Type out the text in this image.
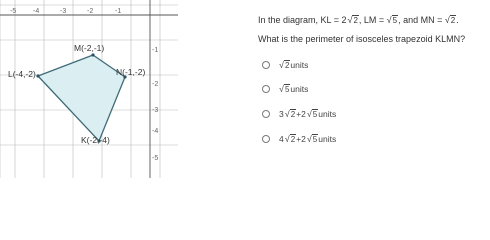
-5 -4	-3	-2	-1
-1
-2
-3
-4
-5
M(-2,-1)
N(-1,-2)
L(-4,-2)
K(-2,-4)
In the diagram, KL = 2 √ 2 , LM = √ 5 , and MN = √ 2 .
What is the perimeter of isosceles trapezoid KLMN?
√ 2 units
√ 5 units
3 √ 2 + 2 √ 5 units
4 √ 2 + 2 √ 5 units
